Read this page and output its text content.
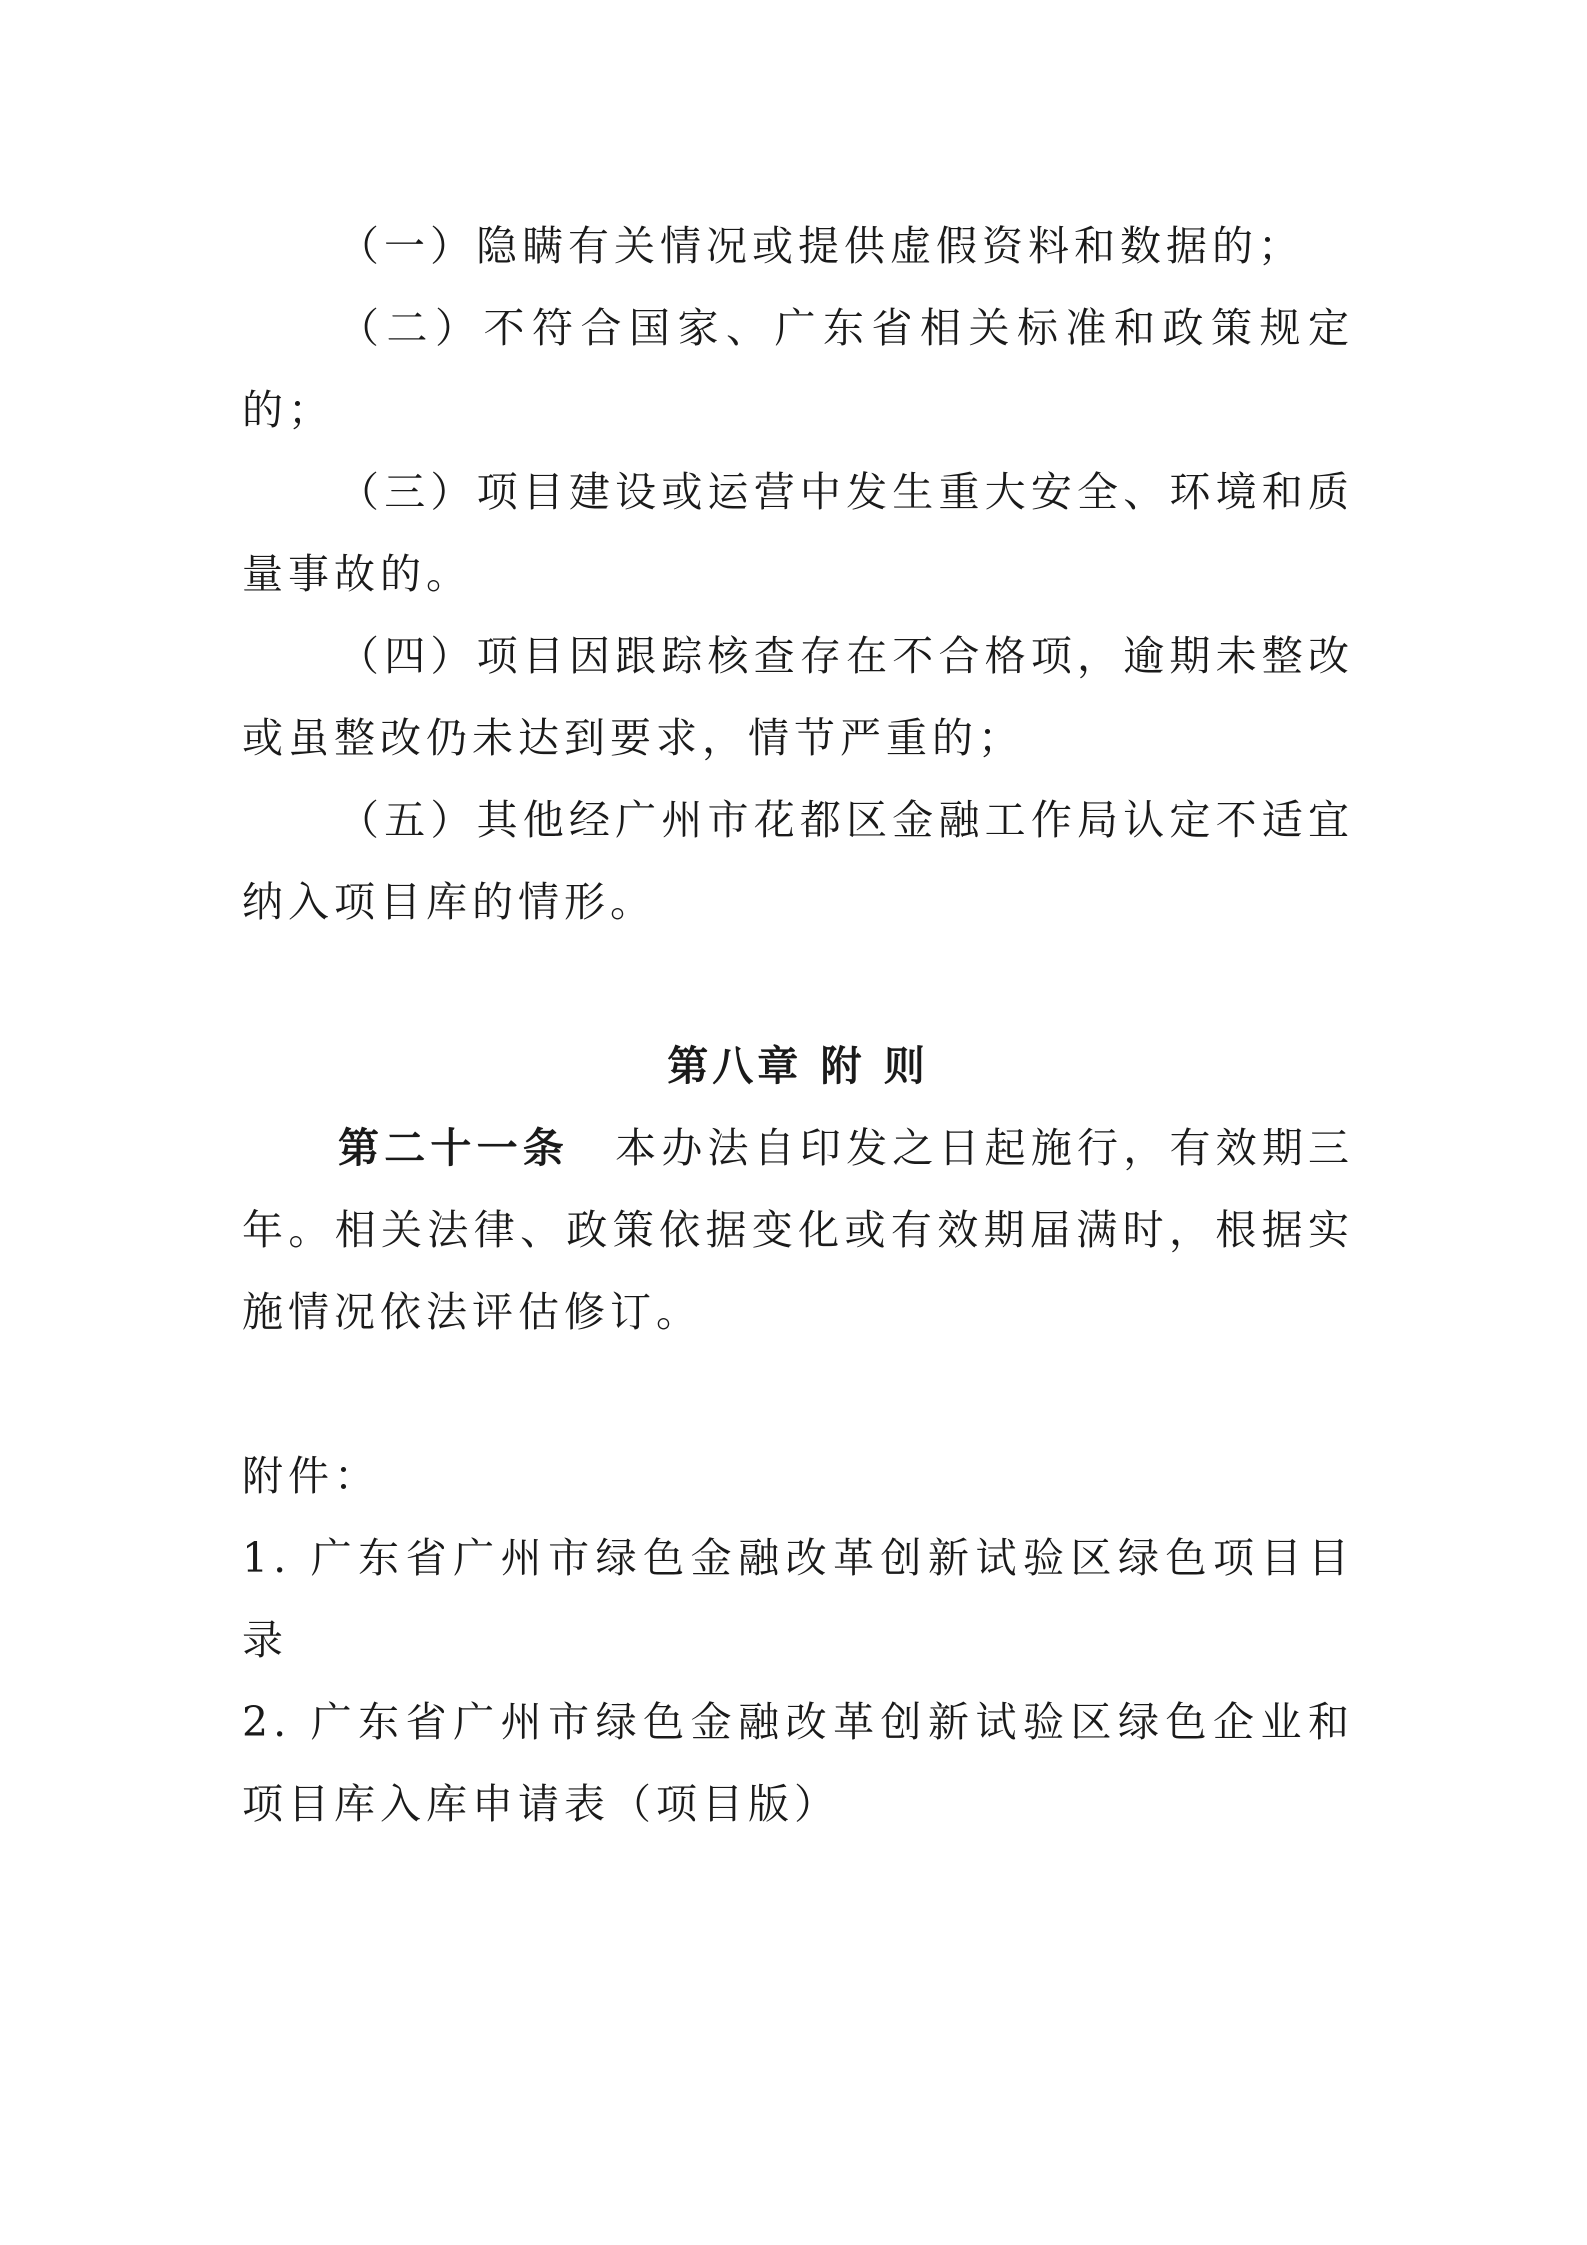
（一）隐瞒有关情况或提供虚假资料和数据的；

（二）不符合国家、广东省相关标准和政策规定的；

（三）项目建设或运营中发生重大安全、环境和质量事故的。

（四）项目因跟踪核查存在不合格项，逾期未整改或虽整改仍未达到要求，情节严重的；

（五）其他经广州市花都区金融工作局认定不适宜纳入项目库的情形。

第八章 附 则

第二十一条　 本办法自印发之日起施行，有效期三年。相关法律、政策依据变化或有效期届满时，根据实施情况依法评估修订。

附件：

1. 广东省广州市绿色金融改革创新试验区绿色项目目录

2. 广东省广州市绿色金融改革创新试验区绿色企业和项目库入库申请表（项目版）
